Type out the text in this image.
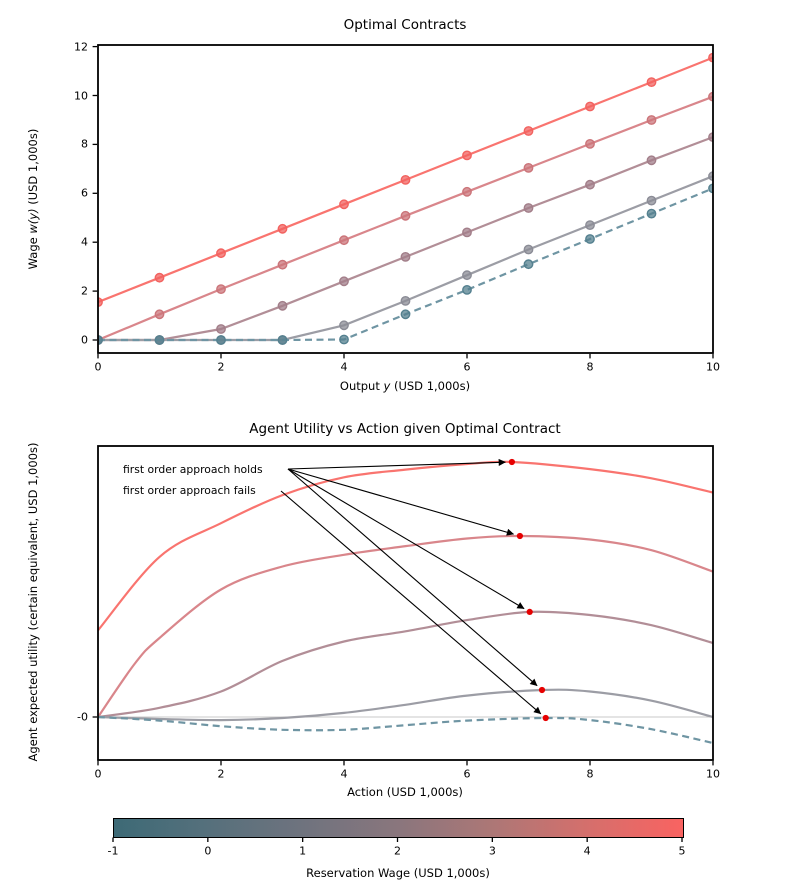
Optimal Contracts
Wage w(y) (USD 1,000s)
Output y (USD 1,000s)
Agent Utility vs Action given Optimal Contract
Agent expected utility (certain equivalent, USD 1,000s)
Action (USD 1,000s)
first order approach holds
first order approach fails
Reservation Wage (USD 1,000s)
0	2	4	6	8	10
0
2
4
6
8
10
12
0	2	4	6	8	10
-0
-1	0	1	2	3	4	5
